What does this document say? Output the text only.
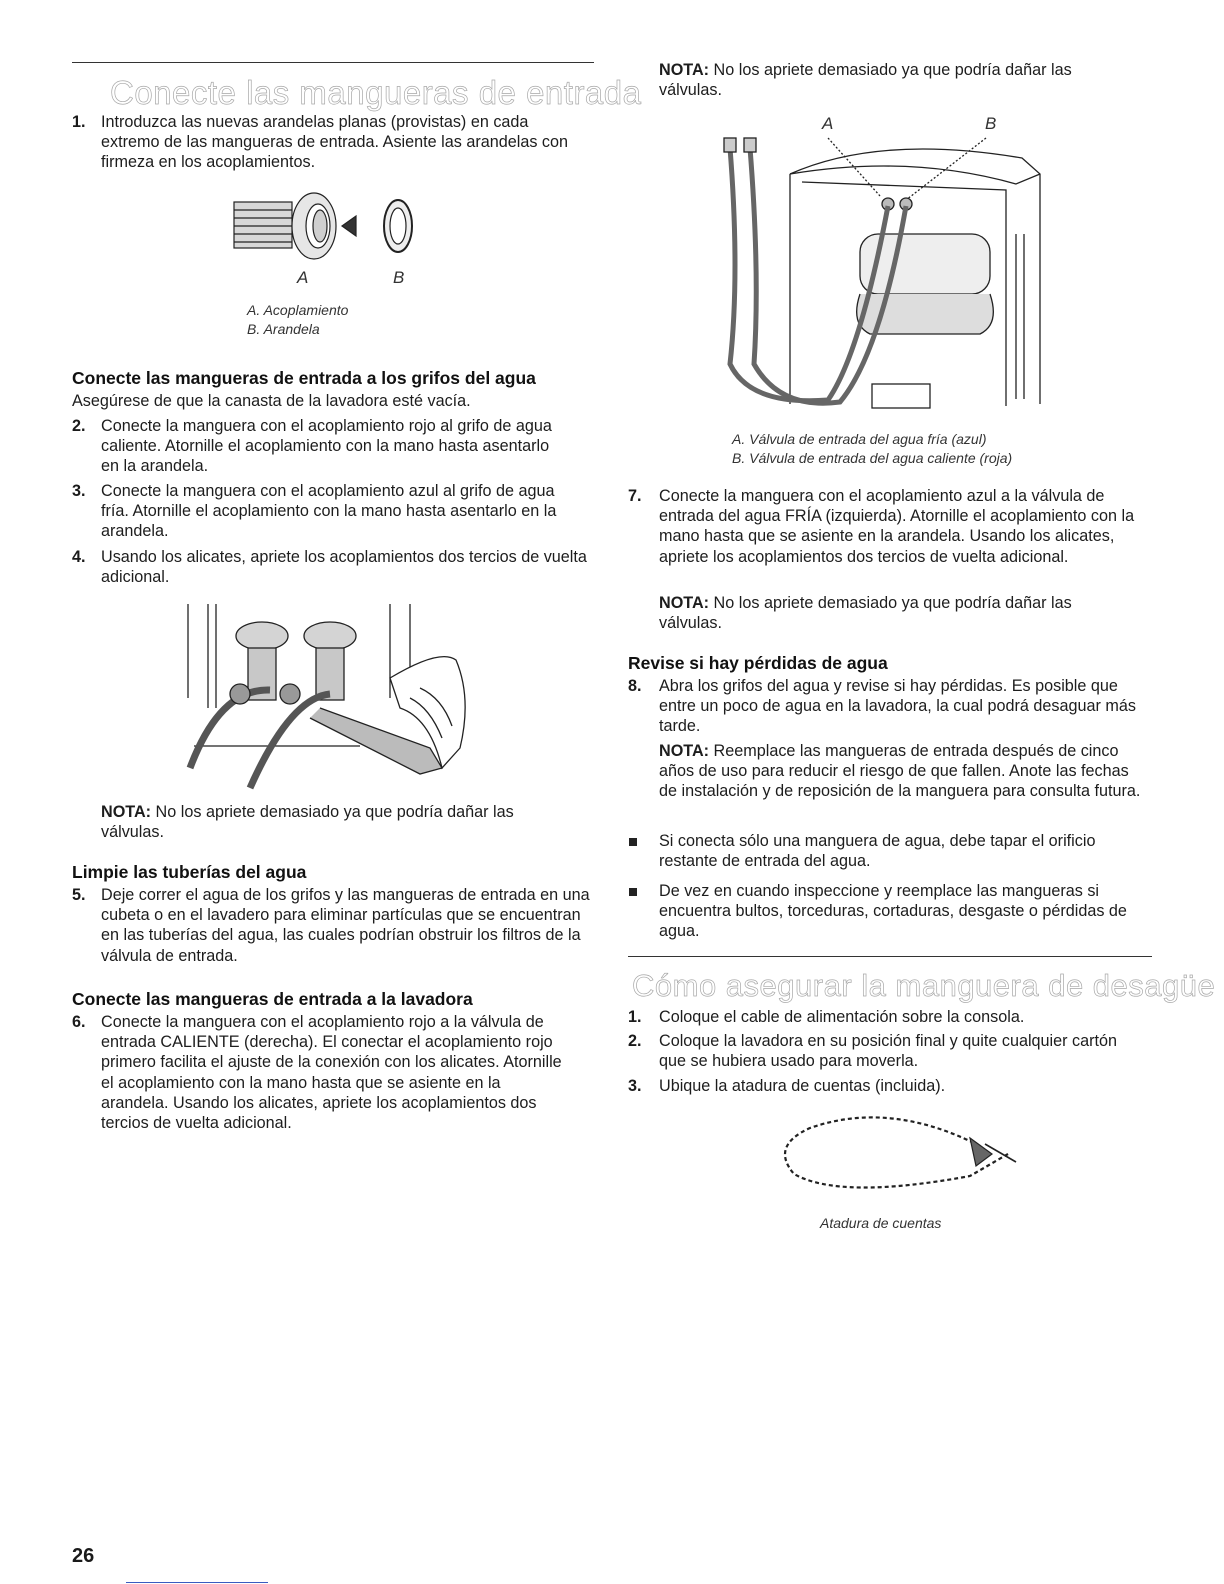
Conecte las mangueras de entrada
1. Introduzca las nuevas arandelas planas (provistas) en cada extremo de las mangueras de entrada. Asiente las arandelas con firmeza en los acoplamientos.
A	B
A. Acoplamiento
B. Arandela
Conecte las mangueras de entrada a los grifos del agua
Asegúrese de que la canasta de la lavadora esté vacía.
2. Conecte la manguera con el acoplamiento rojo al grifo de agua caliente. Atornille el acoplamiento con la mano hasta asentarlo en la arandela.
3. Conecte la manguera con el acoplamiento azul al grifo de agua fría. Atornille el acoplamiento con la mano hasta asentarlo en la arandela.
4. Usando los alicates, apriete los acoplamientos dos tercios de vuelta adicional.
NOTA: No los apriete demasiado ya que podría dañar las válvulas.
Limpie las tuberías del agua
5. Deje correr el agua de los grifos y las mangueras de entrada en una cubeta o en el lavadero para eliminar partículas que se encuentran en las tuberías del agua, las cuales podrían obstruir los filtros de la válvula de entrada.
Conecte las mangueras de entrada a la lavadora
6. Conecte la manguera con el acoplamiento rojo a la válvula de entrada CALIENTE (derecha). El conectar el acoplamiento rojo primero facilita el ajuste de la conexión con los alicates. Atornille el acoplamiento con la mano hasta que se asiente en la arandela. Usando los alicates, apriete los acoplamientos dos tercios de vuelta adicional.
NOTA: No los apriete demasiado ya que podría dañar las válvulas.
A	B
A. Válvula de entrada del agua fría (azul)
B. Válvula de entrada del agua caliente (roja)
7. Conecte la manguera con el acoplamiento azul a la válvula de entrada del agua FRÍA (izquierda). Atornille el acoplamiento con la mano hasta que se asiente en la arandela. Usando los alicates, apriete los acoplamientos dos tercios de vuelta adicional.
NOTA: No los apriete demasiado ya que podría dañar las válvulas.
Revise si hay pérdidas de agua
8. Abra los grifos del agua y revise si hay pérdidas. Es posible que entre un poco de agua en la lavadora, la cual podrá desaguar más tarde.
NOTA: Reemplace las mangueras de entrada después de cinco años de uso para reducir el riesgo de que fallen. Anote las fechas de instalación y de reposición de la manguera para consulta futura.
Si conecta sólo una manguera de agua, debe tapar el orificio restante de entrada del agua.
De vez en cuando inspeccione y reemplace las mangueras si encuentra bultos, torceduras, cortaduras, desgaste o pérdidas de agua.
Cómo asegurar la manguera de desagüe
1. Coloque el cable de alimentación sobre la consola.
2. Coloque la lavadora en su posición final y quite cualquier cartón que se hubiera usado para moverla.
3. Ubique la atadura de cuentas (incluida).
Atadura de cuentas
26
